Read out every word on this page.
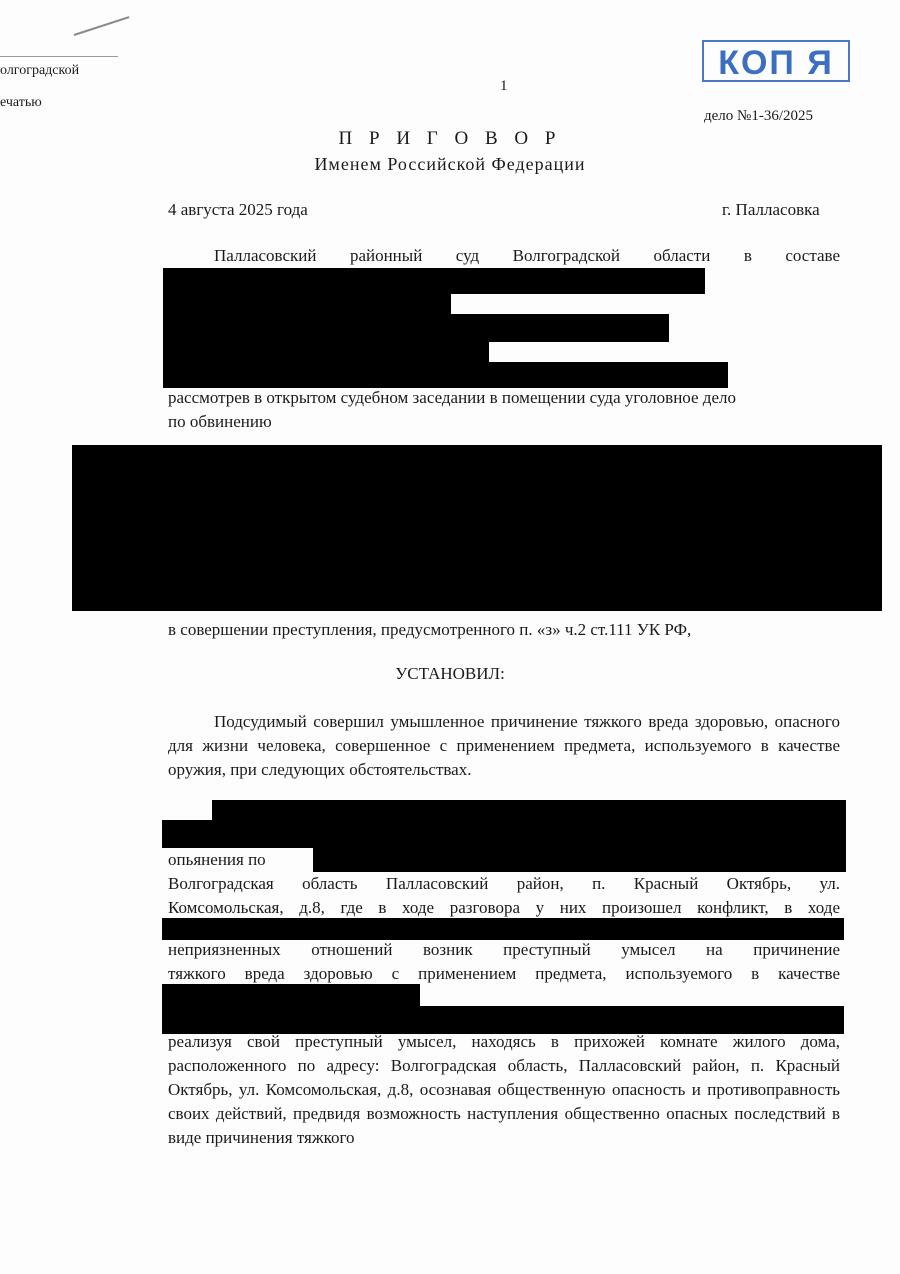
олгоградской
ечатью
КОП Я
1
дело №1-36/2025
П Р И Г О В О Р
Именем Российской Федерации
4 августа 2025 года	г. Палласовка
Палласовский районный суд Волгоградской области в составе
рассмотрев в открытом судебном заседании в помещении суда уголовное дело
по обвинению
в совершении преступления, предусмотренного п. «з» ч.2 ст.111 УК РФ,
УСТАНОВИЛ:
Подсудимый совершил умышленное причинение тяжкого вреда здоровью, опасного для жизни человека, совершенное с применением предмета, используемого в качестве оружия, при следующих обстоятельствах.
опьянения по
Волгоградская область Палласовский район, п. Красный Октябрь, ул.
Комсомольская, д.8, где в ходе разговора у них произошел конфликт, в ходе
неприязненных отношений возник преступный умысел на причинение
тяжкого вреда здоровью с применением предмета, используемого в качестве
реализуя свой преступный умысел, находясь в прихожей комнате жилого дома, расположенного по адресу: Волгоградская область, Палласовский район, п. Красный Октябрь, ул. Комсомольская, д.8, осознавая общественную опасность и противоправность своих действий, предвидя возможность наступления общественно опасных последствий в виде причинения тяжкого
